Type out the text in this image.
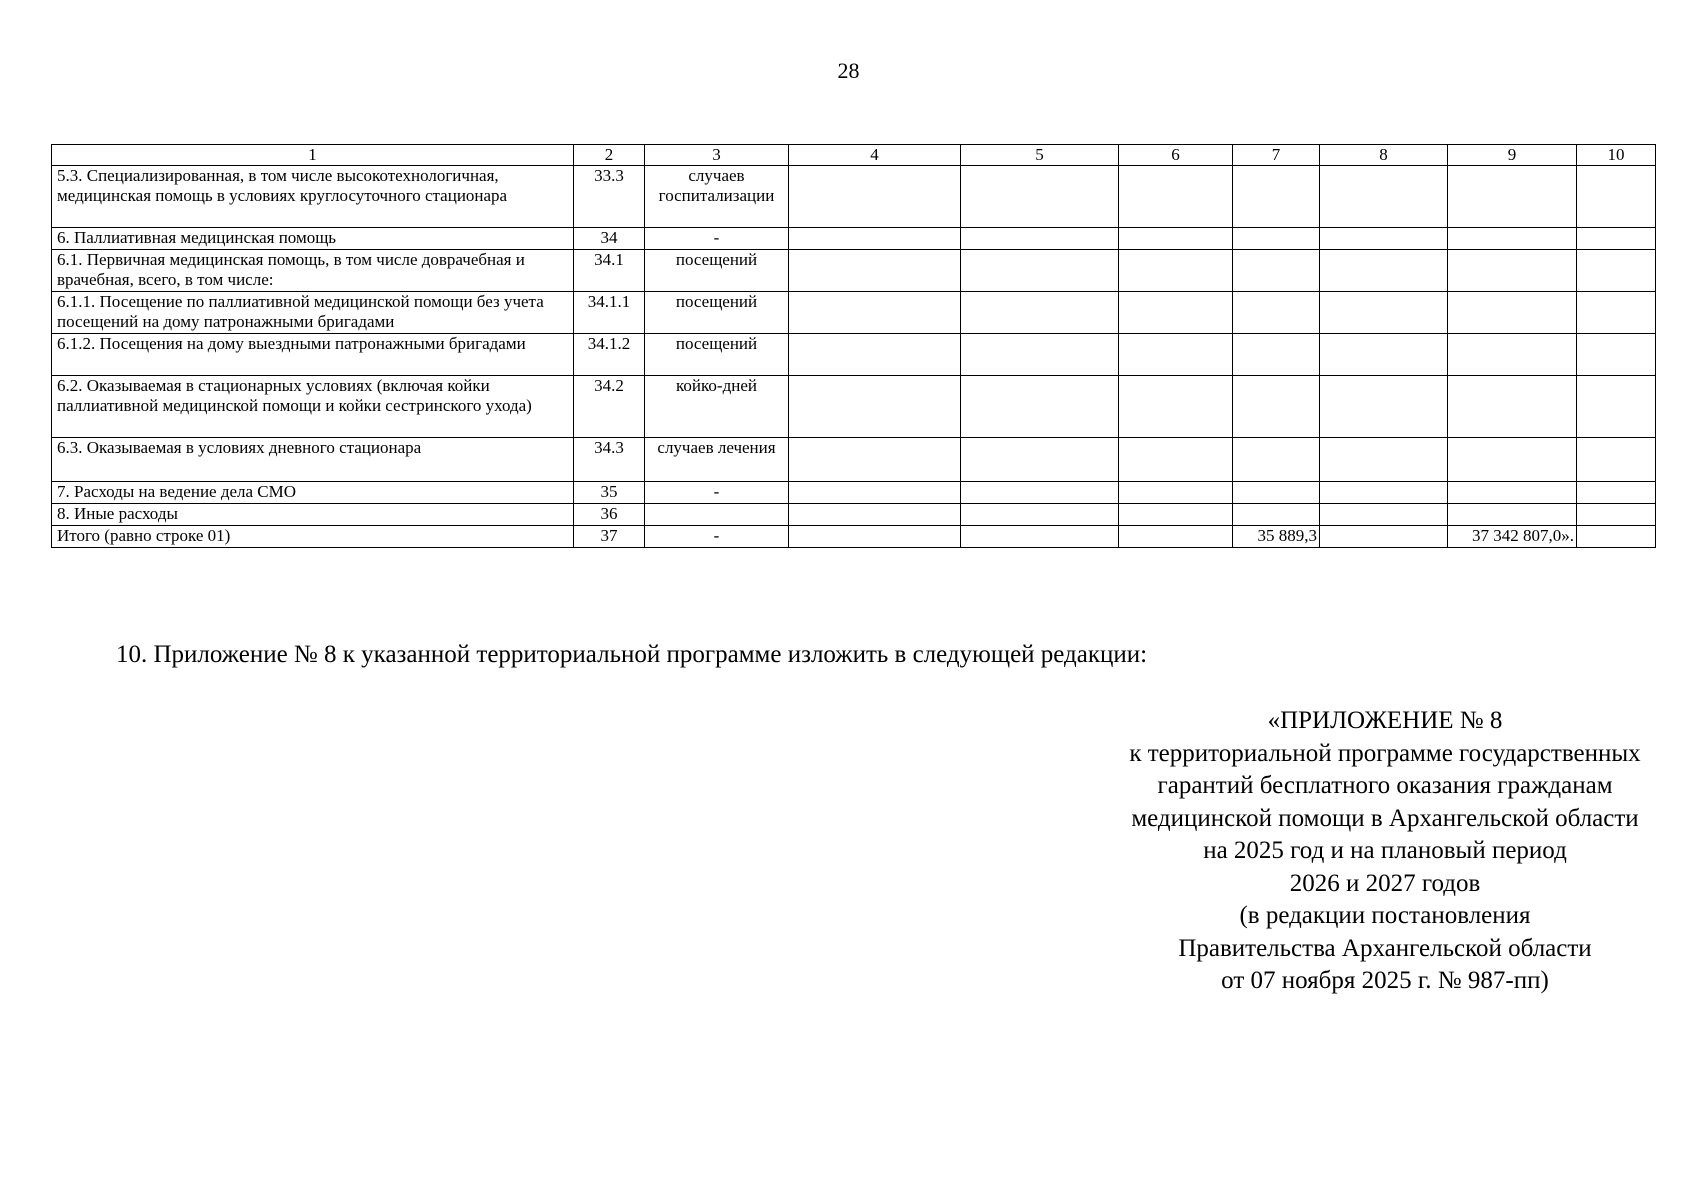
28
1	2	3	4	5	6	7	8	9	10
5.3. Специализированная, в том числе высокотехнологичная, медицинская помощь в условиях круглосуточного стационара	33.3	случаев госпитализации							
6. Паллиативная медицинская помощь	34	-							
6.1. Первичная медицинская помощь, в том числе доврачебная и врачебная, всего, в том числе:	34.1	посещений							
6.1.1. Посещение по паллиативной медицинской помощи без учета посещений на дому патронажными бригадами	34.1.1	посещений							
6.1.2. Посещения на дому выездными патронажными бригадами	34.1.2	посещений							
6.2. Оказываемая в стационарных условиях (включая койки паллиативной медицинской помощи и койки сестринского ухода)	34.2	койко-дней							
6.3. Оказываемая в условиях дневного стационара	34.3	случаев лечения							
7. Расходы на ведение дела СМО	35	-							
8. Иные расходы	36								
Итого (равно строке 01)	37	-				35 889,3		37 342 807,0».	
10. Приложение № 8 к указанной территориальной программе изложить в следующей редакции:
«ПРИЛОЖЕНИЕ № 8
к территориальной программе государственных
гарантий бесплатного оказания гражданам
медицинской помощи в Архангельской области
на 2025 год и на плановый период
2026 и 2027 годов
(в редакции постановления
Правительства Архангельской области
от 07 ноября 2025 г. № 987-пп)
